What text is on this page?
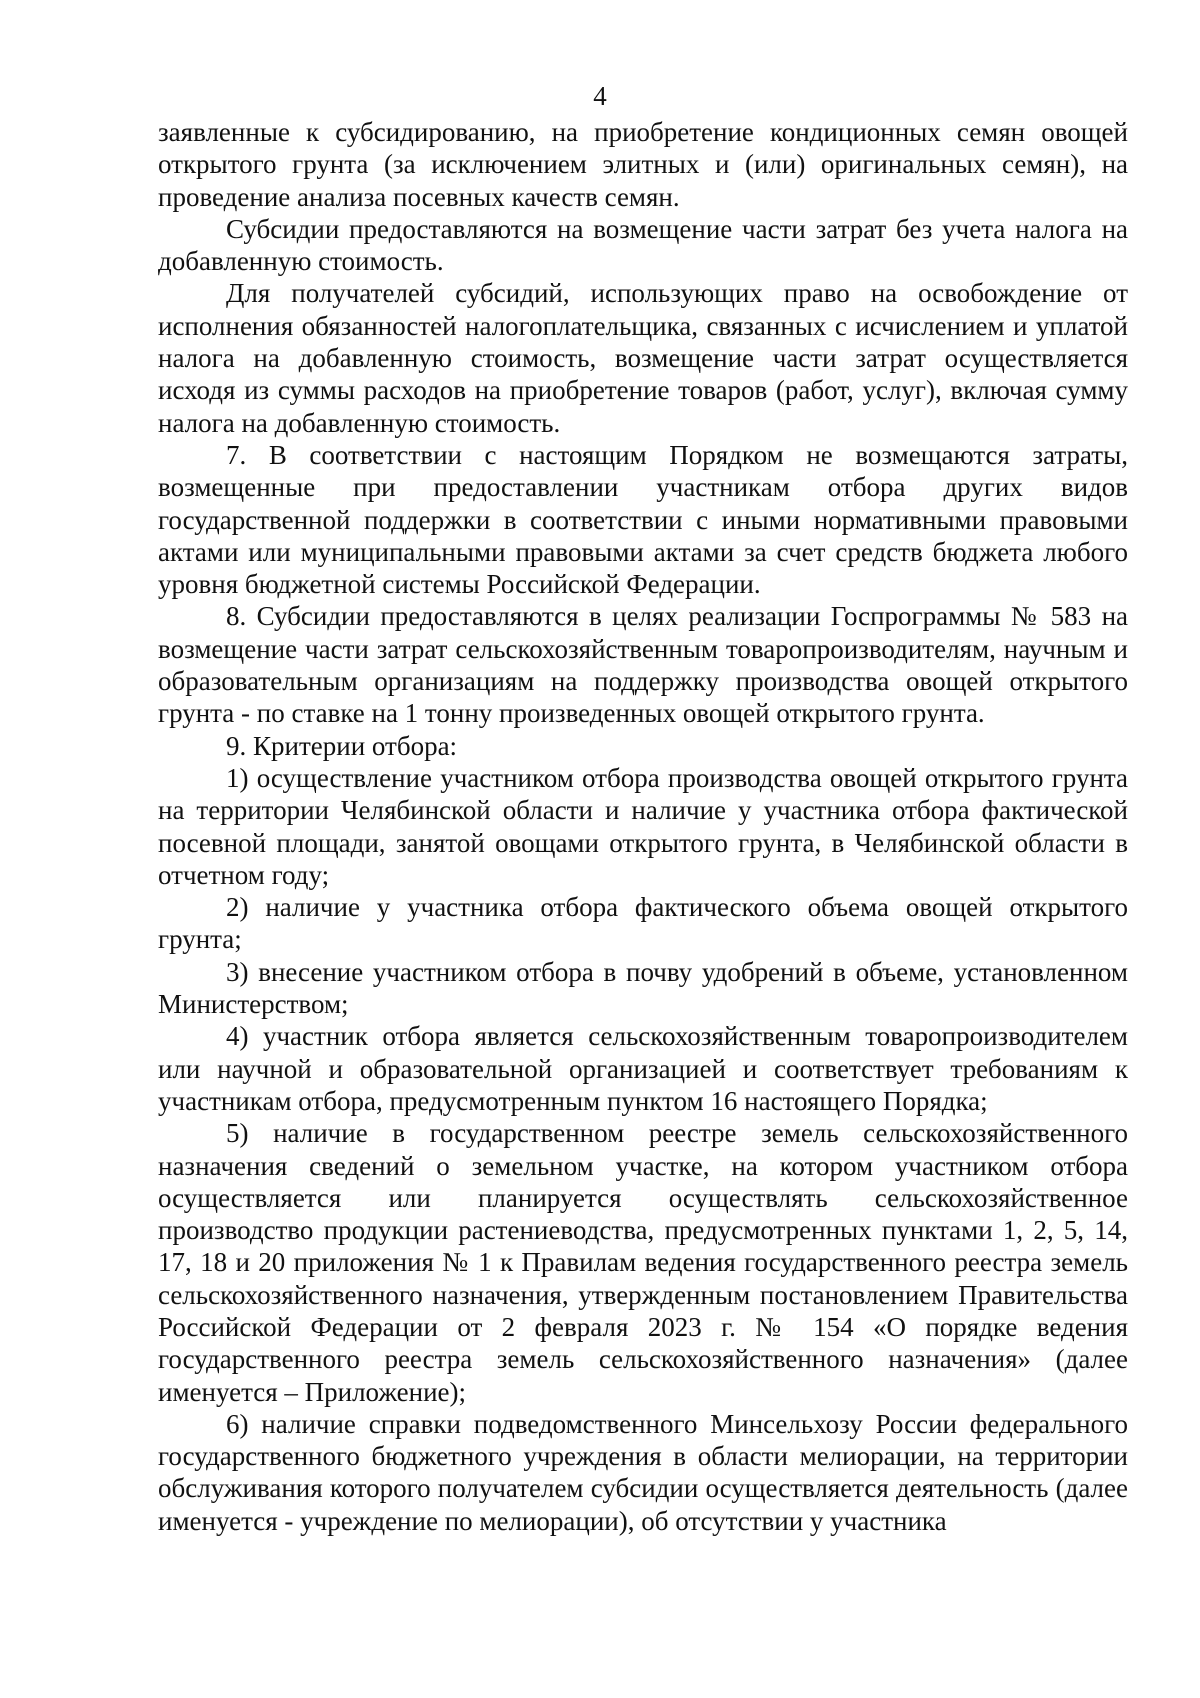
4

заявленные к субсидированию, на приобретение кондиционных семян овощей открытого грунта (за исключением элитных и (или) оригинальных семян), на проведение анализа посевных качеств семян.

Субсидии предоставляются на возмещение части затрат без учета налога на добавленную стоимость.

Для получателей субсидий, использующих право на освобождение от исполнения обязанностей налогоплательщика, связанных с исчислением и уплатой налога на добавленную стоимость, возмещение части затрат осуществляется исходя из суммы расходов на приобретение товаров (работ, услуг), включая сумму налога на добавленную стоимость.

7. В соответствии с настоящим Порядком не возмещаются затраты, возмещенные при предоставлении участникам отбора других видов государственной поддержки в соответствии с иными нормативными правовыми актами или муниципальными правовыми актами за счет средств бюджета любого уровня бюджетной системы Российской Федерации.

8. Субсидии предоставляются в целях реализации Госпрограммы № 583 на возмещение части затрат сельскохозяйственным товаропроизводителям, научным и образовательным организациям на поддержку производства овощей открытого грунта - по ставке на 1 тонну произведенных овощей открытого грунта.

9. Критерии отбора:

1) осуществление участником отбора производства овощей открытого грунта на территории Челябинской области и наличие у участника отбора фактической посевной площади, занятой овощами открытого грунта, в Челябинской области в отчетном году;

2) наличие у участника отбора фактического объема овощей открытого грунта;

3) внесение участником отбора в почву удобрений в объеме, установленном Министерством;

4) участник отбора является сельскохозяйственным товаропроизводителем или научной и образовательной организацией и соответствует требованиям к участникам отбора, предусмотренным пунктом 16 настоящего Порядка;

5) наличие в государственном реестре земель сельскохозяйственного назначения сведений о земельном участке, на котором участником отбора осуществляется или планируется осуществлять сельскохозяйственное производство продукции растениеводства, предусмотренных пунктами 1, 2, 5, 14, 17, 18 и 20 приложения № 1 к Правилам ведения государственного реестра земель сельскохозяйственного назначения, утвержденным постановлением Правительства Российской Федерации от 2 февраля 2023 г. № 154 «О порядке ведения государственного реестра земель сельскохозяйственного назначения» (далее именуется – Приложение);

6) наличие справки подведомственного Минсельхозу России федерального государственного бюджетного учреждения в области мелиорации, на территории обслуживания которого получателем субсидии осуществляется деятельность (далее именуется - учреждение по мелиорации), об отсутствии у участника
